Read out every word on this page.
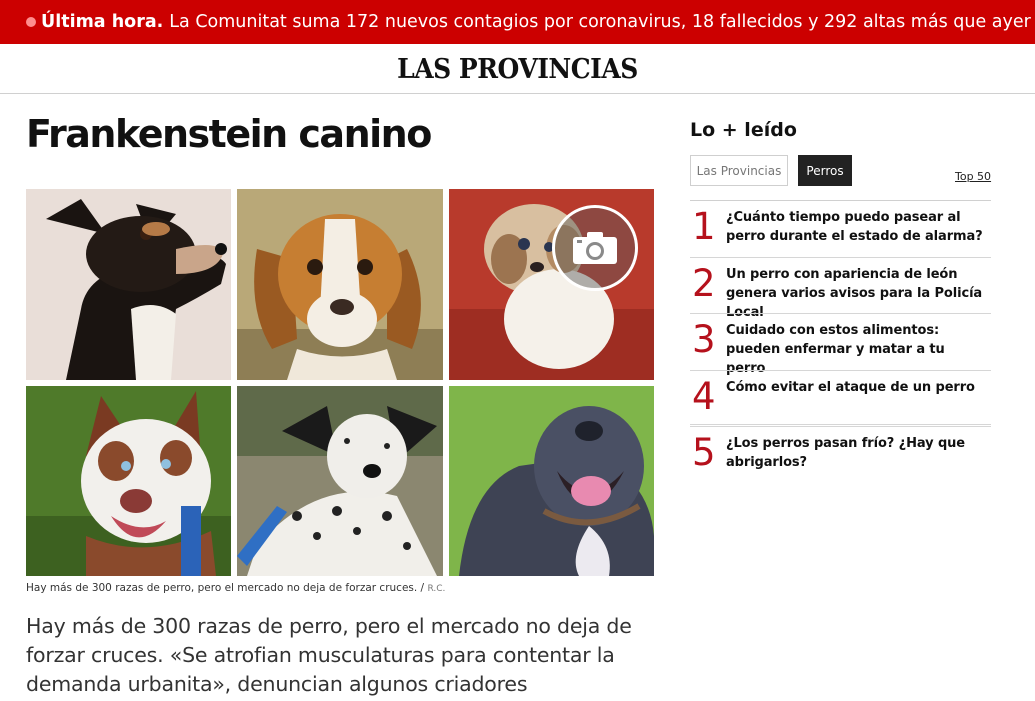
Última hora. La Comunitat suma 172 nuevos contagios por coronavirus, 18 fallecidos y 292 altas más que ayer
LAS PROVINCIAS
Frankenstein canino

Hay más de 300 razas de perro, pero el mercado no deja de forzar cruces. / R.C.

Hay más de 300 razas de perro, pero el mercado no deja de forzar cruces. «Se atrofian musculaturas para contentar la demanda urbanita», denuncian algunos criadores

Lo + leído
Las Provincias	Perros	Top 50
1 ¿Cuánto tiempo puedo pasear al perro durante el estado de alarma?
2 Un perro con apariencia de león genera varios avisos para la Policía Local
3 Cuidado con estos alimentos: pueden enfermar y matar a tu perro
4 Cómo evitar el ataque de un perro
5 ¿Los perros pasan frío? ¿Hay que abrigarlos?
